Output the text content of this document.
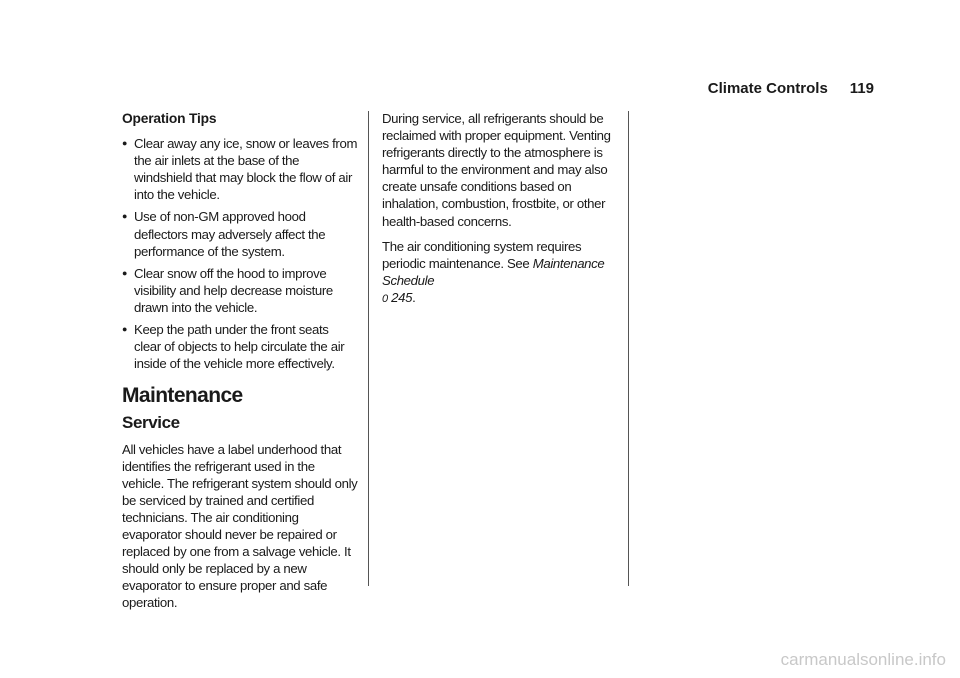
Climate Controls 119
Operation Tips
● Clear away any ice, snow or leaves from the air inlets at the base of the windshield that may block the flow of air into the vehicle.
● Use of non-GM approved hood deflectors may adversely affect the performance of the system.
● Clear snow off the hood to improve visibility and help decrease moisture drawn into the vehicle.
● Keep the path under the front seats clear of objects to help circulate the air inside of the vehicle more effectively.
Maintenance
Service

All vehicles have a label underhood that identifies the refrigerant used in the vehicle. The refrigerant system should only be serviced by trained and certified technicians. The air conditioning evaporator should never be repaired or replaced by one from a salvage vehicle. It should only be replaced by a new evaporator to ensure proper and safe operation.

During service, all refrigerants should be reclaimed with proper equipment. Venting refrigerants directly to the atmosphere is harmful to the environment and may also create unsafe conditions based on inhalation, combustion, frostbite, or other health-based concerns.

The air conditioning system requires periodic maintenance. See Maintenance Schedule
0 245.

carmanualsonline.info
